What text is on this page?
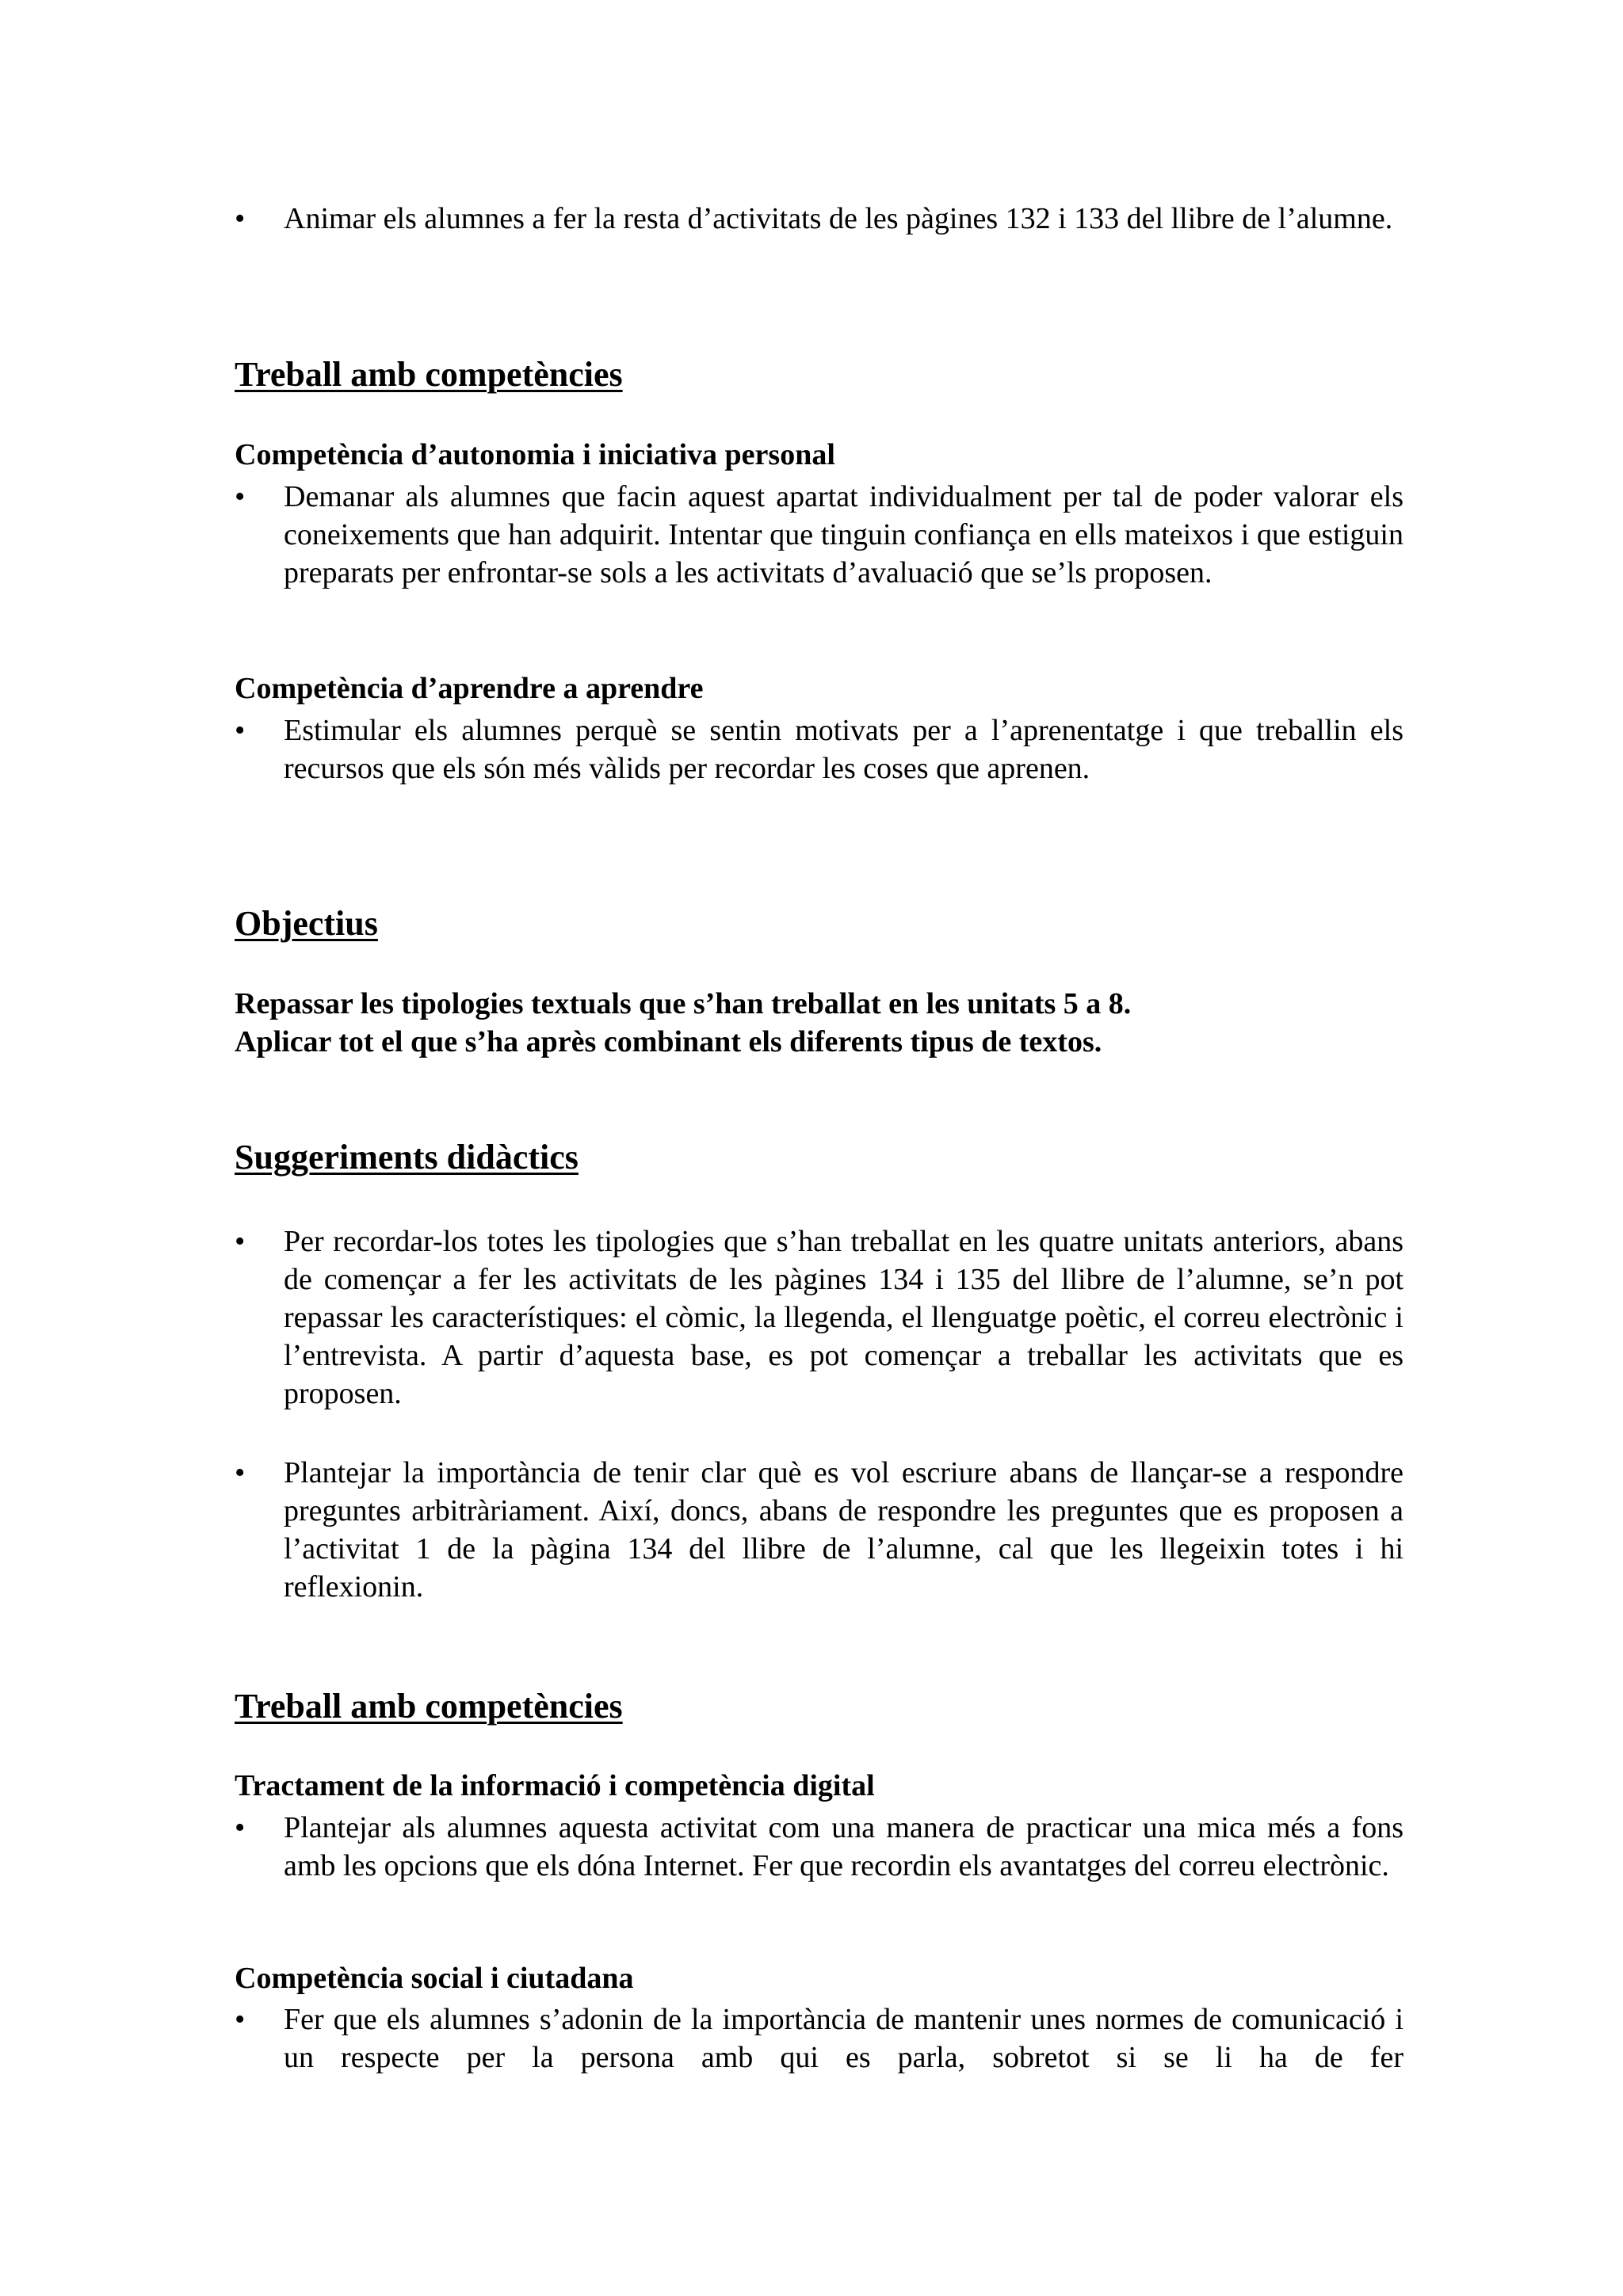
•	Animar els alumnes a fer la resta d’activitats de les pàgines 132 i 133 del llibre de l’alumne.
Treball amb competències
Competència d’autonomia i iniciativa personal
•	Demanar als alumnes que facin aquest apartat individualment per tal de poder valorar els coneixements que han adquirit. Intentar que tinguin confiança en ells mateixos i que estiguin preparats per enfrontar-se sols a les activitats d’avaluació que se’ls proposen.
Competència d’aprendre a aprendre
•	Estimular els alumnes perquè se sentin motivats per a l’aprenentatge i que treballin els recursos que els són més vàlids per recordar les coses que aprenen.
Objectius
Repassar les tipologies textuals que s’han treballat en les unitats 5 a 8.
Aplicar tot el que s’ha après combinant els diferents tipus de textos.
Suggeriments didàctics
•	Per recordar-los totes les tipologies que s’han treballat en les quatre unitats anteriors, abans de començar a fer les activitats de les pàgines 134 i 135 del llibre de l’alumne, se’n pot repassar les característiques: el còmic, la llegenda, el llenguatge poètic, el correu electrònic i l’entrevista. A partir d’aquesta base, es pot començar a treballar les activitats que es proposen.
•	Plantejar la importància de tenir clar què es vol escriure abans de llançar-se a respondre preguntes arbitràriament. Així, doncs, abans de respondre les preguntes que es proposen a l’activitat 1 de la pàgina 134 del llibre de l’alumne, cal que les llegeixin totes i hi reflexionin.
Treball amb competències
Tractament de la informació i competència digital
•	Plantejar als alumnes aquesta activitat com una manera de practicar una mica més a fons amb les opcions que els dóna Internet. Fer que recordin els avantatges del correu electrònic.
Competència social i ciutadana
•	Fer que els alumnes s’adonin de la importància de mantenir unes normes de comunicació i un respecte per la persona amb qui es parla, sobretot si se li ha de fer
